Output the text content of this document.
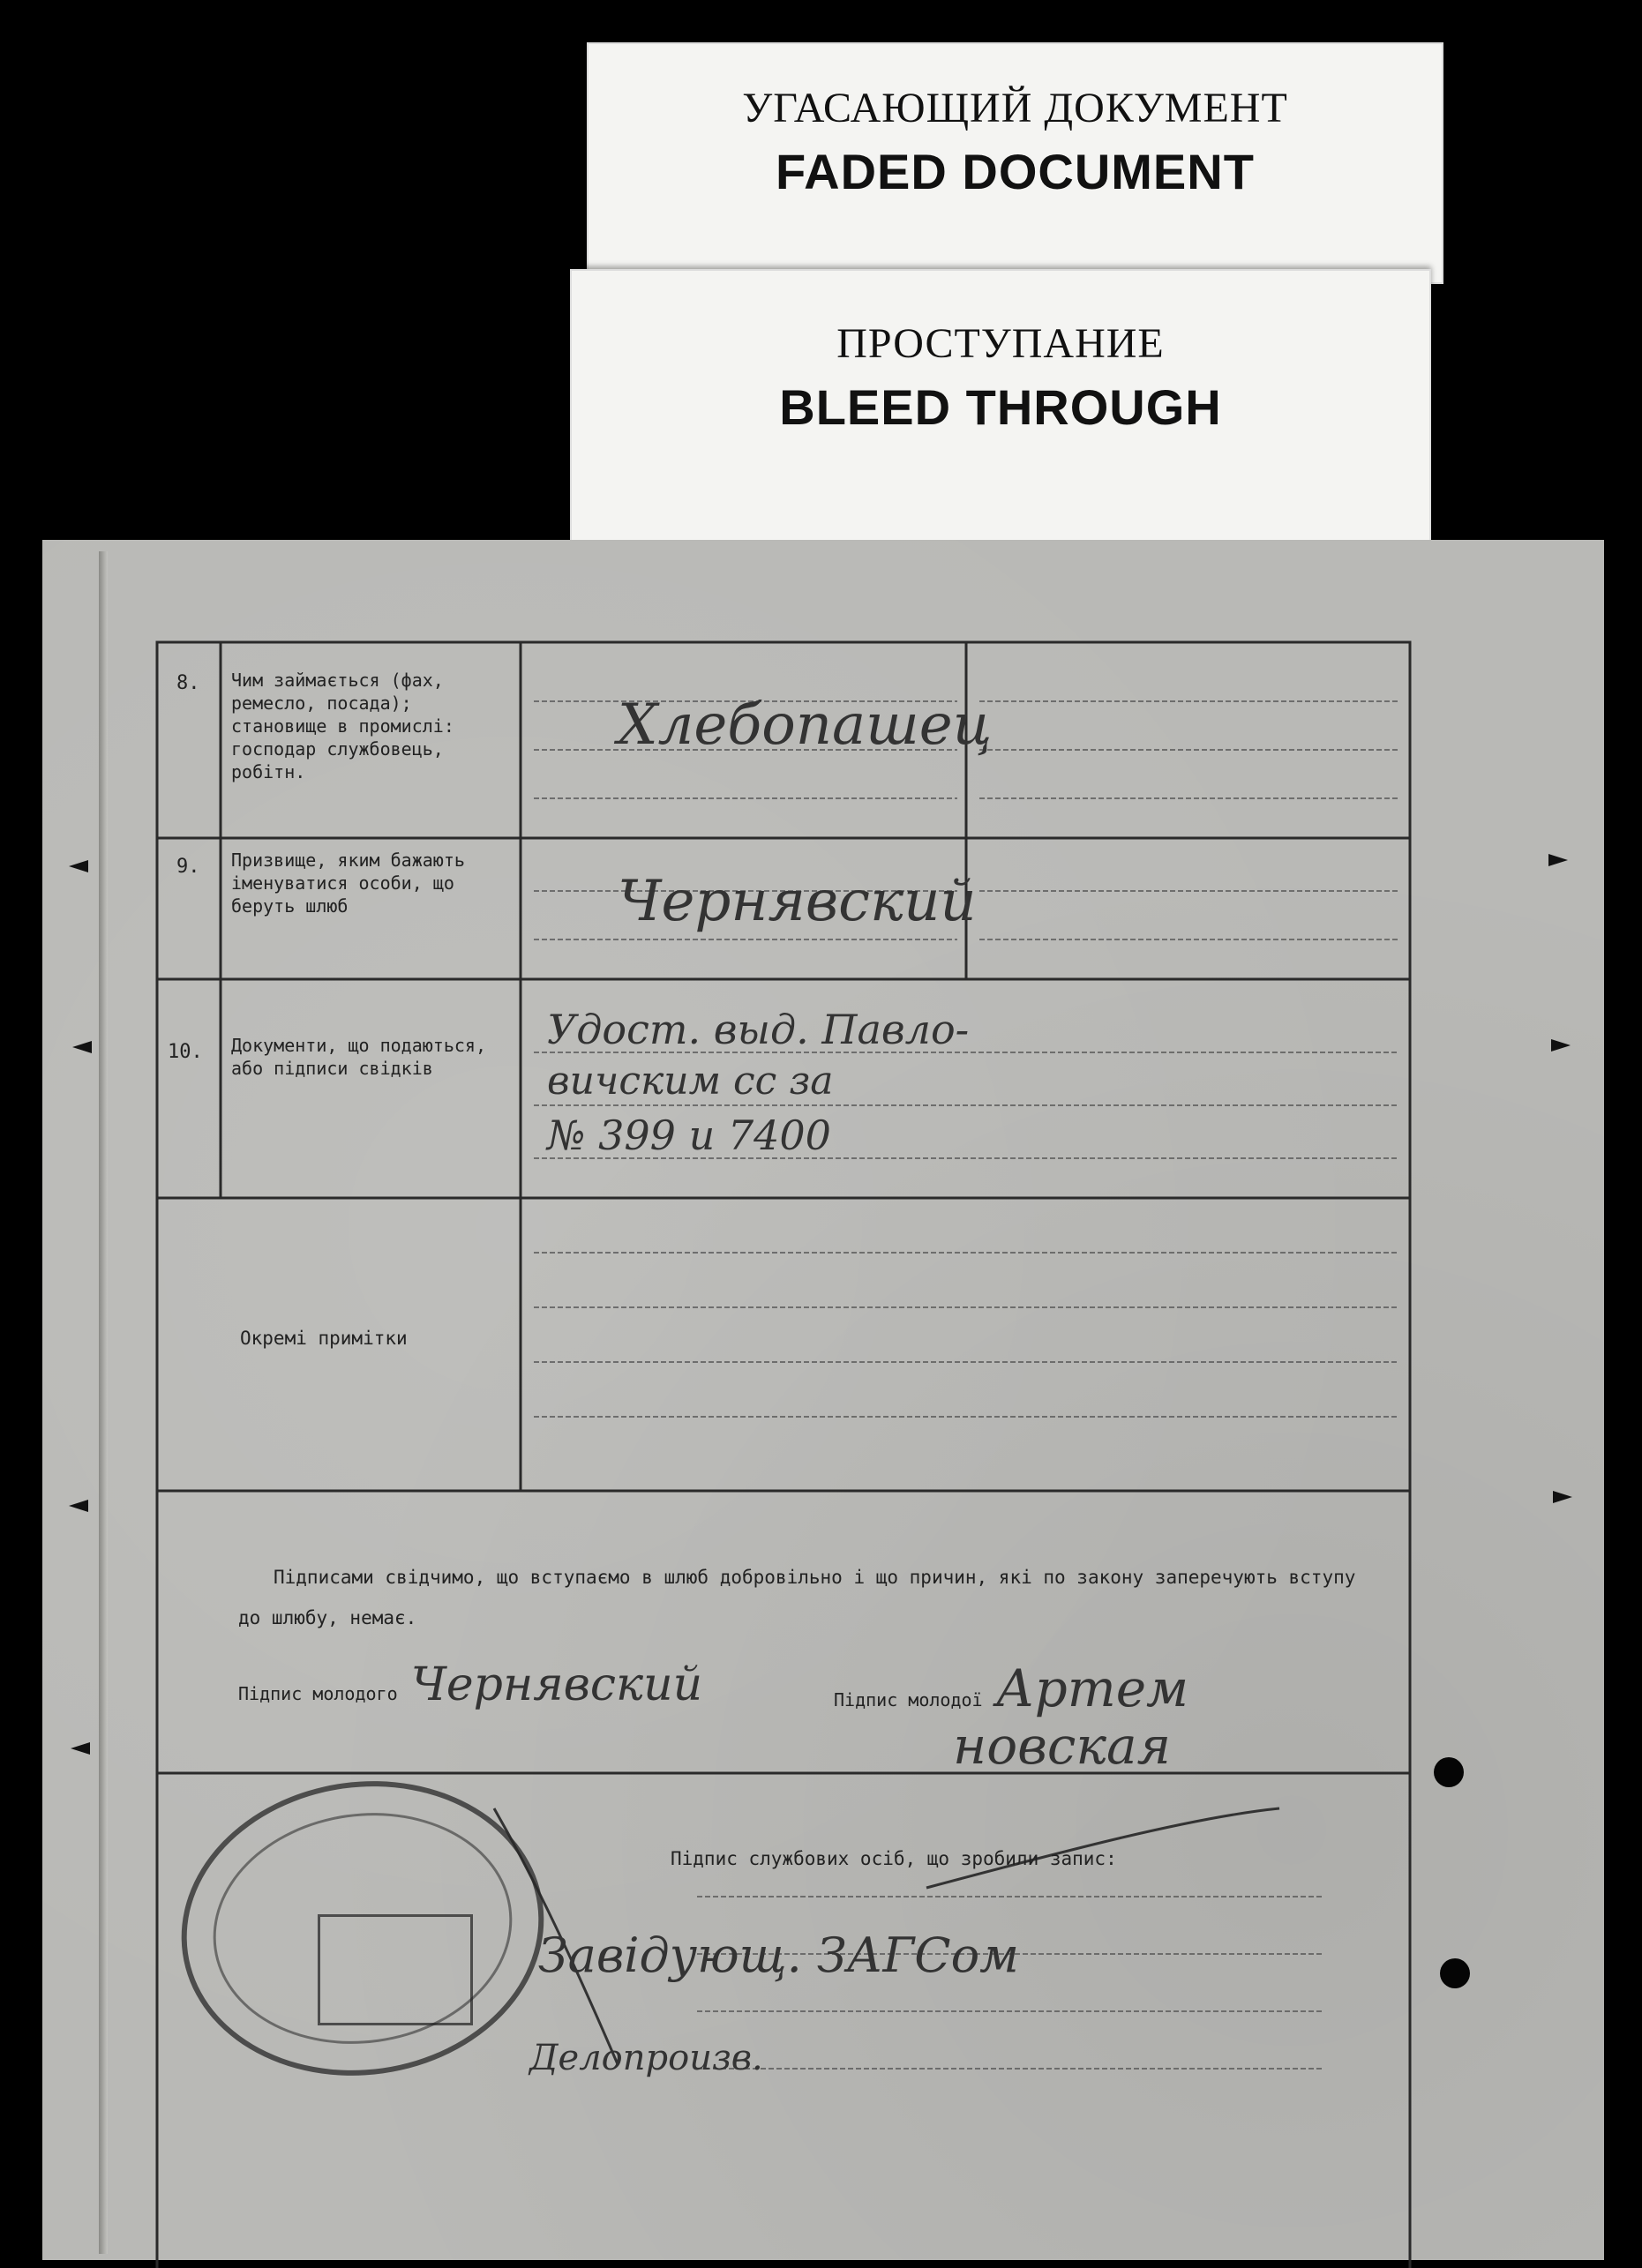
УГАСАЮЩИЙ ДОКУМЕНТ
FADED DOCUMENT
ПРОСТУПАНИЕ
BLEED THROUGH
8. Чим займається (фах, ремесло, посада); становище в промислі: господар службовець, робітн.
Хлебопашец
9. Призвище, яким бажають іменуватися особи, що беруть шлюб	Чернявский
10. Документи, що подаються, або підписи свідків
Удост. выд. Павло-
вичским сс за
№ 399 и 7400
Окремі примітки
Підписами свідчимо, що вступаємо в шлюб добровільно і що причин, які по закону заперечують вступу до шлюбу, немає.
Підпис молодого Чернявский	Підпис молодої Артем
новская
Підпис службових осіб, що зробили запис:
Завідующ. ЗАГСом
Делопроизв.
